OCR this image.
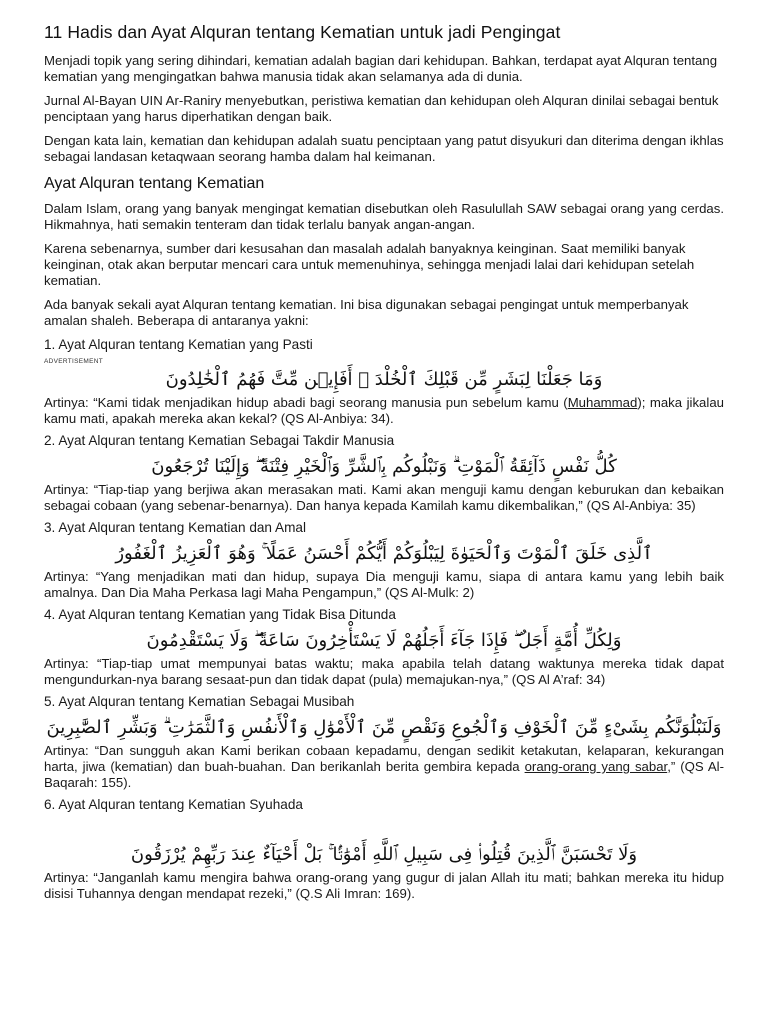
11 Hadis dan Ayat Alquran tentang Kematian untuk jadi Pengingat

Menjadi topik yang sering dihindari, kematian adalah bagian dari kehidupan. Bahkan, terdapat ayat Alquran tentang kematian yang mengingatkan bahwa manusia tidak akan selamanya ada di dunia.

Jurnal Al-Bayan UIN Ar-Raniry menyebutkan, peristiwa kematian dan kehidupan oleh Alquran dinilai sebagai bentuk penciptaan yang harus diperhatikan dengan baik.

Dengan kata lain, kematian dan kehidupan adalah suatu penciptaan yang patut disyukuri dan diterima dengan ikhlas sebagai landasan ketaqwaan seorang hamba dalam hal keimanan.

Ayat Alquran tentang Kematian

Dalam Islam, orang yang banyak mengingat kematian disebutkan oleh Rasulullah SAW sebagai orang yang cerdas. Hikmahnya, hati semakin tenteram dan tidak terlalu banyak angan-angan.

Karena sebenarnya, sumber dari kesusahan dan masalah adalah banyaknya keinginan. Saat memiliki banyak keinginan, otak akan berputar mencari cara untuk memenuhinya, sehingga menjadi lalai dari kehidupan setelah kematian.

Ada banyak sekali ayat Alquran tentang kematian. Ini bisa digunakan sebagai pengingat untuk memperbanyak amalan shaleh. Beberapa di antaranya yakni:

1. Ayat Alquran tentang Kematian yang Pasti
ADVERTISEMENT
وَمَا جَعَلْنَا لِبَشَرٍ مِّن قَبْلِكَ ٱلْخُلْدَ ۖ أَفَإِي۟ن مِّتَّ فَهُمُ ٱلْخَٰلِدُونَ
Artinya: “Kami tidak menjadikan hidup abadi bagi seorang manusia pun sebelum kamu (Muhammad); maka jikalau kamu mati, apakah mereka akan kekal? (QS Al-Anbiya: 34).
2. Ayat Alquran tentang Kematian Sebagai Takdir Manusia
كُلُّ نَفْسٍ ذَآئِقَةُ ٱلْمَوْتِ ۗ وَنَبْلُوكُم بِٱلشَّرِّ وَٱلْخَيْرِ فِتْنَةً ۖ وَإِلَيْنَا تُرْجَعُونَ
Artinya: “Tiap-tiap yang berjiwa akan merasakan mati. Kami akan menguji kamu dengan keburukan dan kebaikan sebagai cobaan (yang sebenar-benarnya). Dan hanya kepada Kamilah kamu dikembalikan,” (QS Al-Anbiya: 35)
3. Ayat Alquran tentang Kematian dan Amal
ٱلَّذِى خَلَقَ ٱلْمَوْتَ وَٱلْحَيَوٰةَ لِيَبْلُوَكُمْ أَيُّكُمْ أَحْسَنُ عَمَلًا ۚ وَهُوَ ٱلْعَزِيزُ ٱلْغَفُورُ
Artinya: “Yang menjadikan mati dan hidup, supaya Dia menguji kamu, siapa di antara kamu yang lebih baik amalnya. Dan Dia Maha Perkasa lagi Maha Pengampun,” (QS Al-Mulk: 2)
4. Ayat Alquran tentang Kematian yang Tidak Bisa Ditunda
وَلِكُلِّ أُمَّةٍ أَجَلٌ ۖ فَإِذَا جَآءَ أَجَلُهُمْ لَا يَسْتَأْخِرُونَ سَاعَةً ۖ وَلَا يَسْتَقْدِمُونَ
Artinya: “Tiap-tiap umat mempunyai batas waktu; maka apabila telah datang waktunya mereka tidak dapat mengundurkan-nya barang sesaat-pun dan tidak dapat (pula) memajukan-nya,” (QS Al A’raf: 34)
5. Ayat Alquran tentang Kematian Sebagai Musibah
وَلَنَبْلُوَنَّكُم بِشَىْءٍ مِّنَ ٱلْخَوْفِ وَٱلْجُوعِ وَنَقْصٍ مِّنَ ٱلْأَمْوَٰلِ وَٱلْأَنفُسِ وَٱلثَّمَرَٰتِ ۗ وَبَشِّرِ ٱلصَّٰبِرِينَ
Artinya: “Dan sungguh akan Kami berikan cobaan kepadamu, dengan sedikit ketakutan, kelaparan, kekurangan harta, jiwa (kematian) dan buah-buahan. Dan berikanlah berita gembira kepada orang-orang yang sabar,” (QS Al-Baqarah: 155).
6. Ayat Alquran tentang Kematian Syuhada
وَلَا تَحْسَبَنَّ ٱلَّذِينَ قُتِلُوا۟ فِى سَبِيلِ ٱللَّهِ أَمْوَٰتًۢا ۚ بَلْ أَحْيَآءٌ عِندَ رَبِّهِمْ يُرْزَقُونَ
Artinya: “Janganlah kamu mengira bahwa orang-orang yang gugur di jalan Allah itu mati; bahkan mereka itu hidup disisi Tuhannya dengan mendapat rezeki,” (Q.S Ali Imran: 169).
